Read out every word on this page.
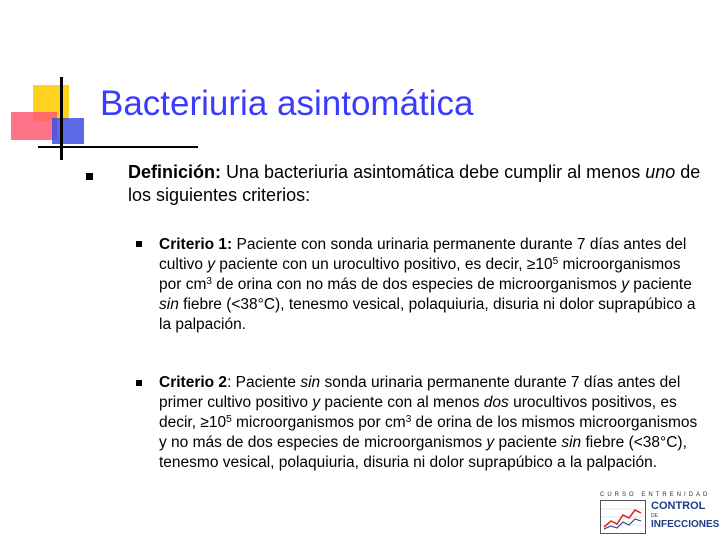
Bacteriuria asintomática
Definición: Una bacteriuria asintomática debe cumplir al menos uno de los siguientes criterios:
Criterio 1: Paciente con sonda urinaria permanente durante 7 días antes del cultivo y paciente con un urocultivo positivo, es decir, $\ge 10^5$ microorganismos por $cm^3$ de orina con no más de dos especies de microorganismos y paciente sin fiebre (<38°C), tenesmo vesical, polaquiuria, disuria ni dolor suprapúbico a la palpación.
Criterio 2: Paciente sin sonda urinaria permanente durante 7 días antes del primer cultivo positivo y paciente con al menos dos urocultivos positivos, es decir, $\ge 10^5$ microorganismos por $cm^3$ de orina de los mismos microorganismos y no más de dos especies de microorganismos y paciente sin fiebre (<38°C), tenesmo vesical, polaquiuria, disuria ni dolor suprapúbico a la palpación.
CURSO ENTRENIDAD
CONTROL
DE
INFECCIONES
